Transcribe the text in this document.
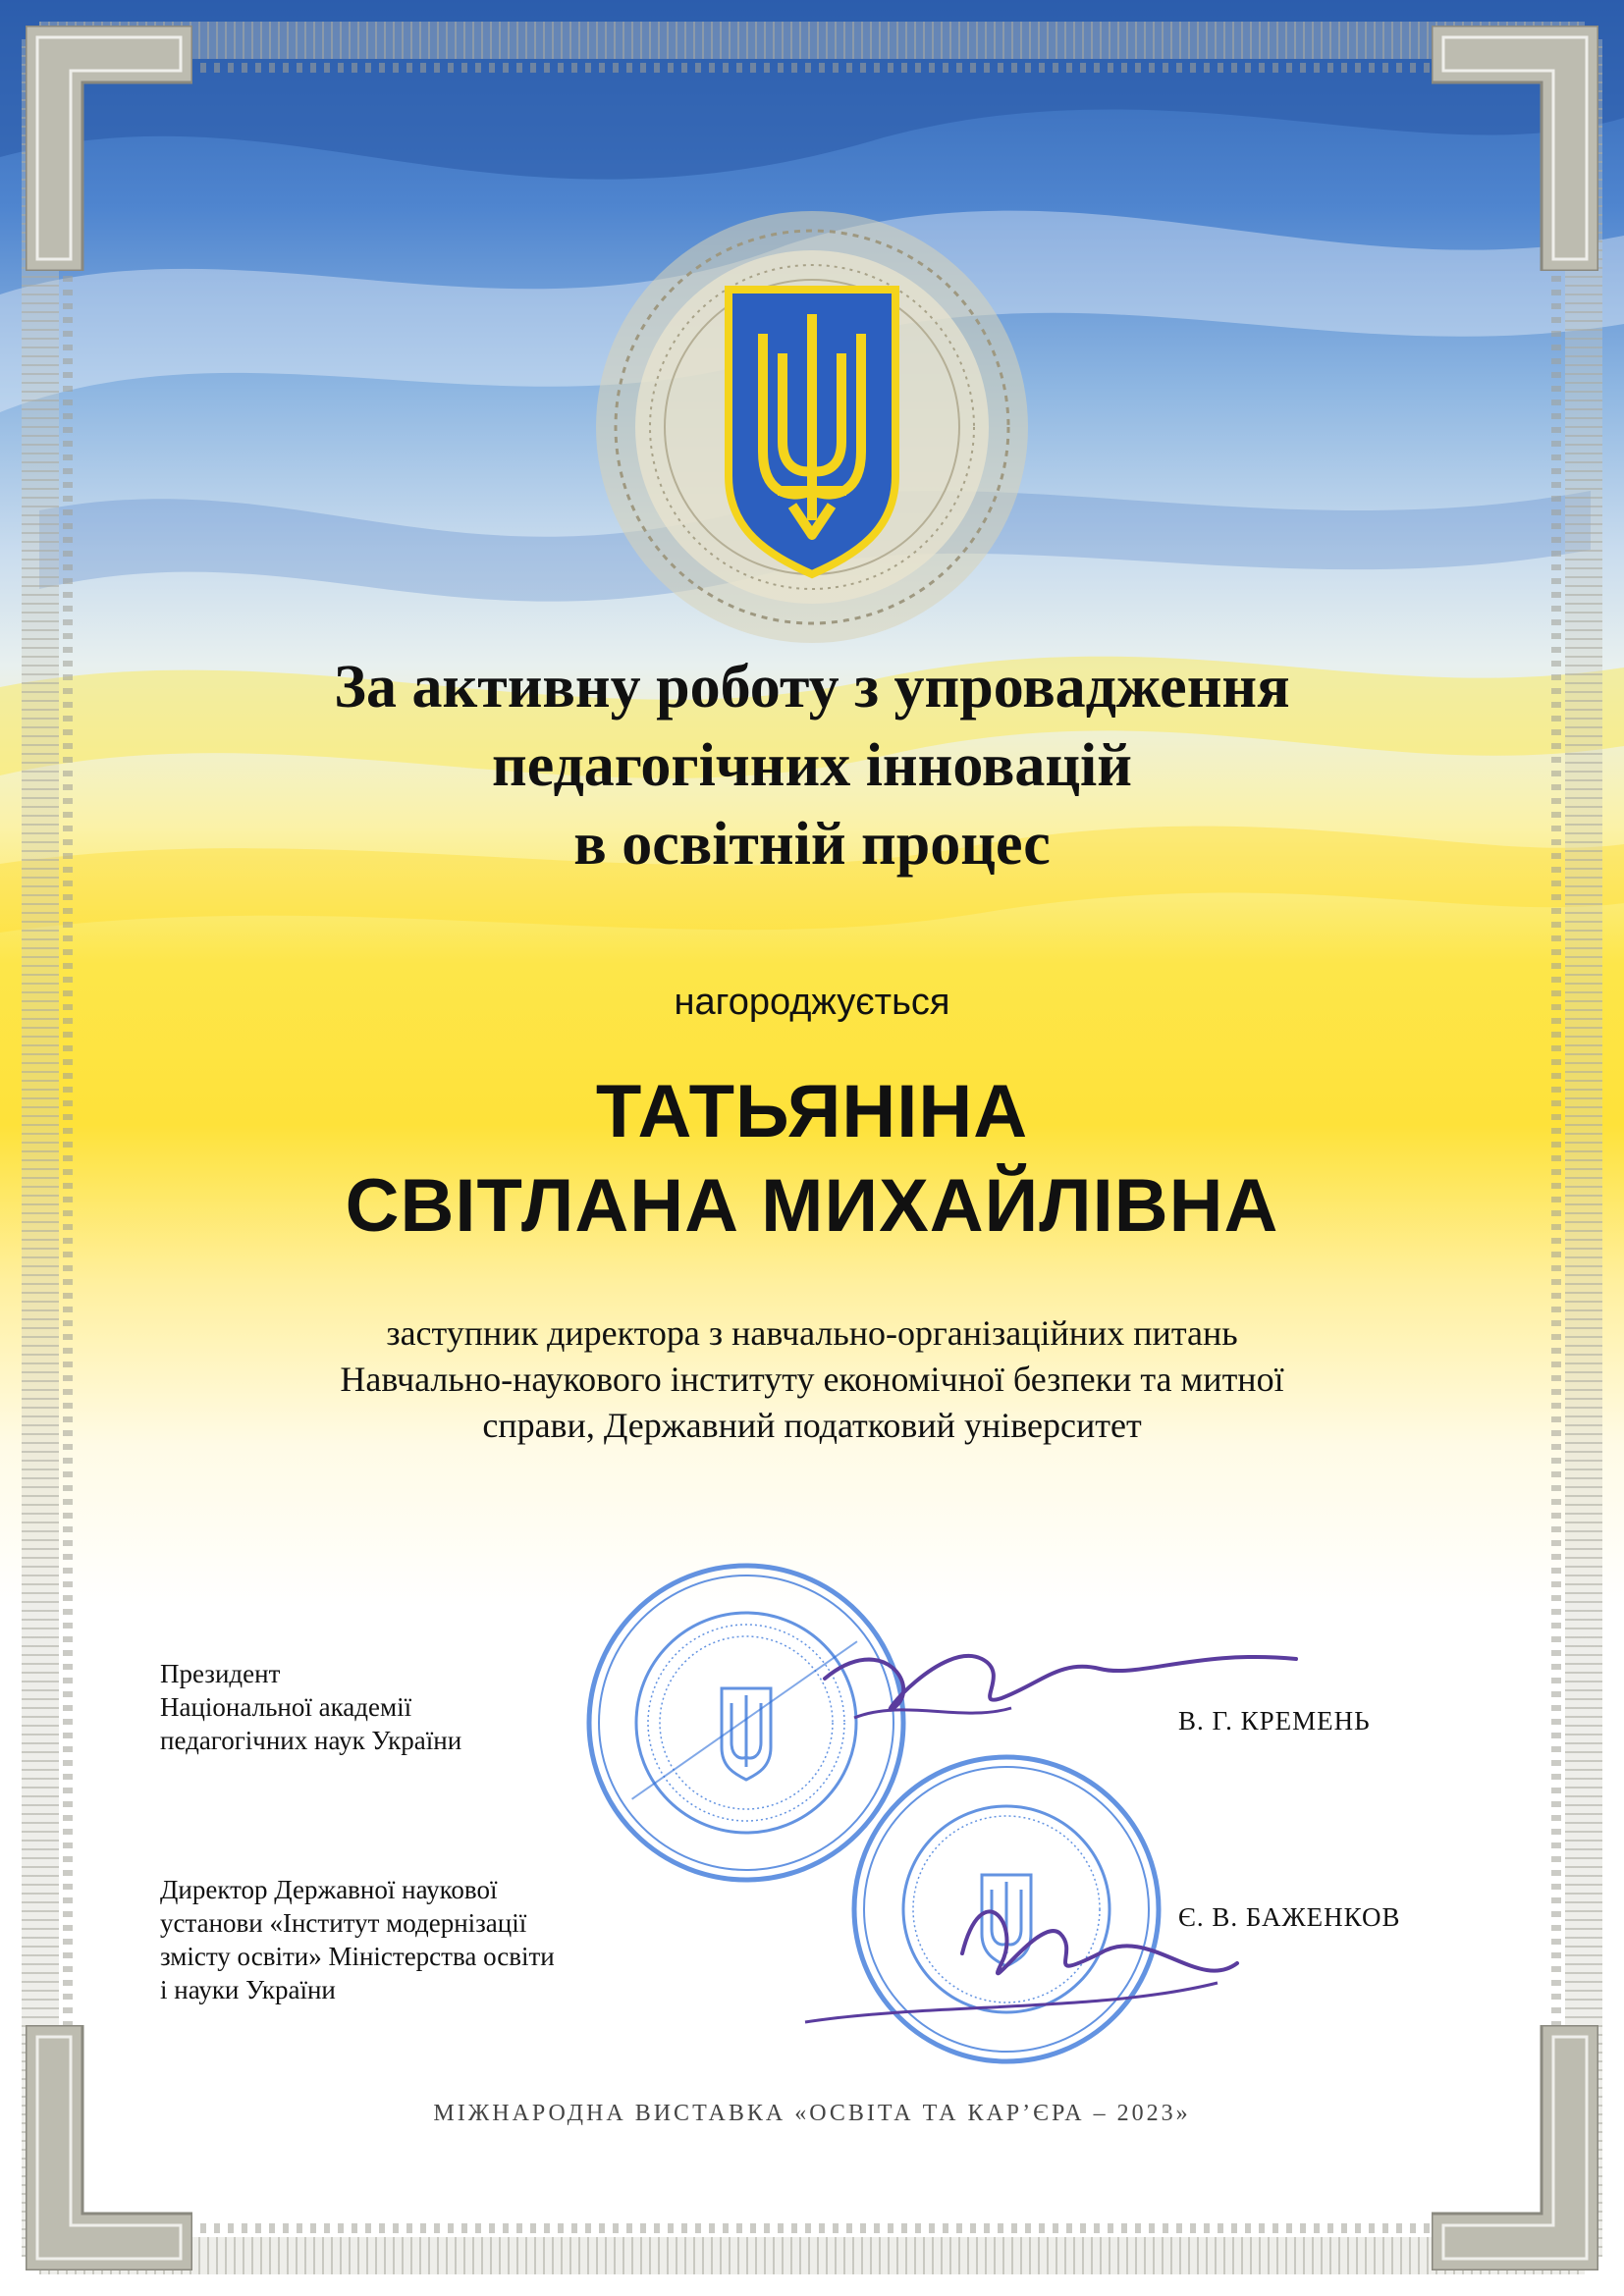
За активну роботу з упровадження
педагогічних інновацій
в освітній процес
нагороджується
ТАТЬЯНІНА
СВІТЛАНА МИХАЙЛІВНА
заступник директора з навчально-організаційних питань
Навчально-наукового інституту економічної безпеки та митної
справи, Державний податковий університет
Президент
Національної академії
педагогічних наук України
В. Г. КРЕМЕНЬ
Директор Державної наукової
установи «Інститут модернізації
змісту освіти» Міністерства освіти
і науки України
Є. В. БАЖЕНКОВ
МІЖНАРОДНА ВИСТАВКА «ОСВІТА ТА КАР’ЄРА – 2023»
